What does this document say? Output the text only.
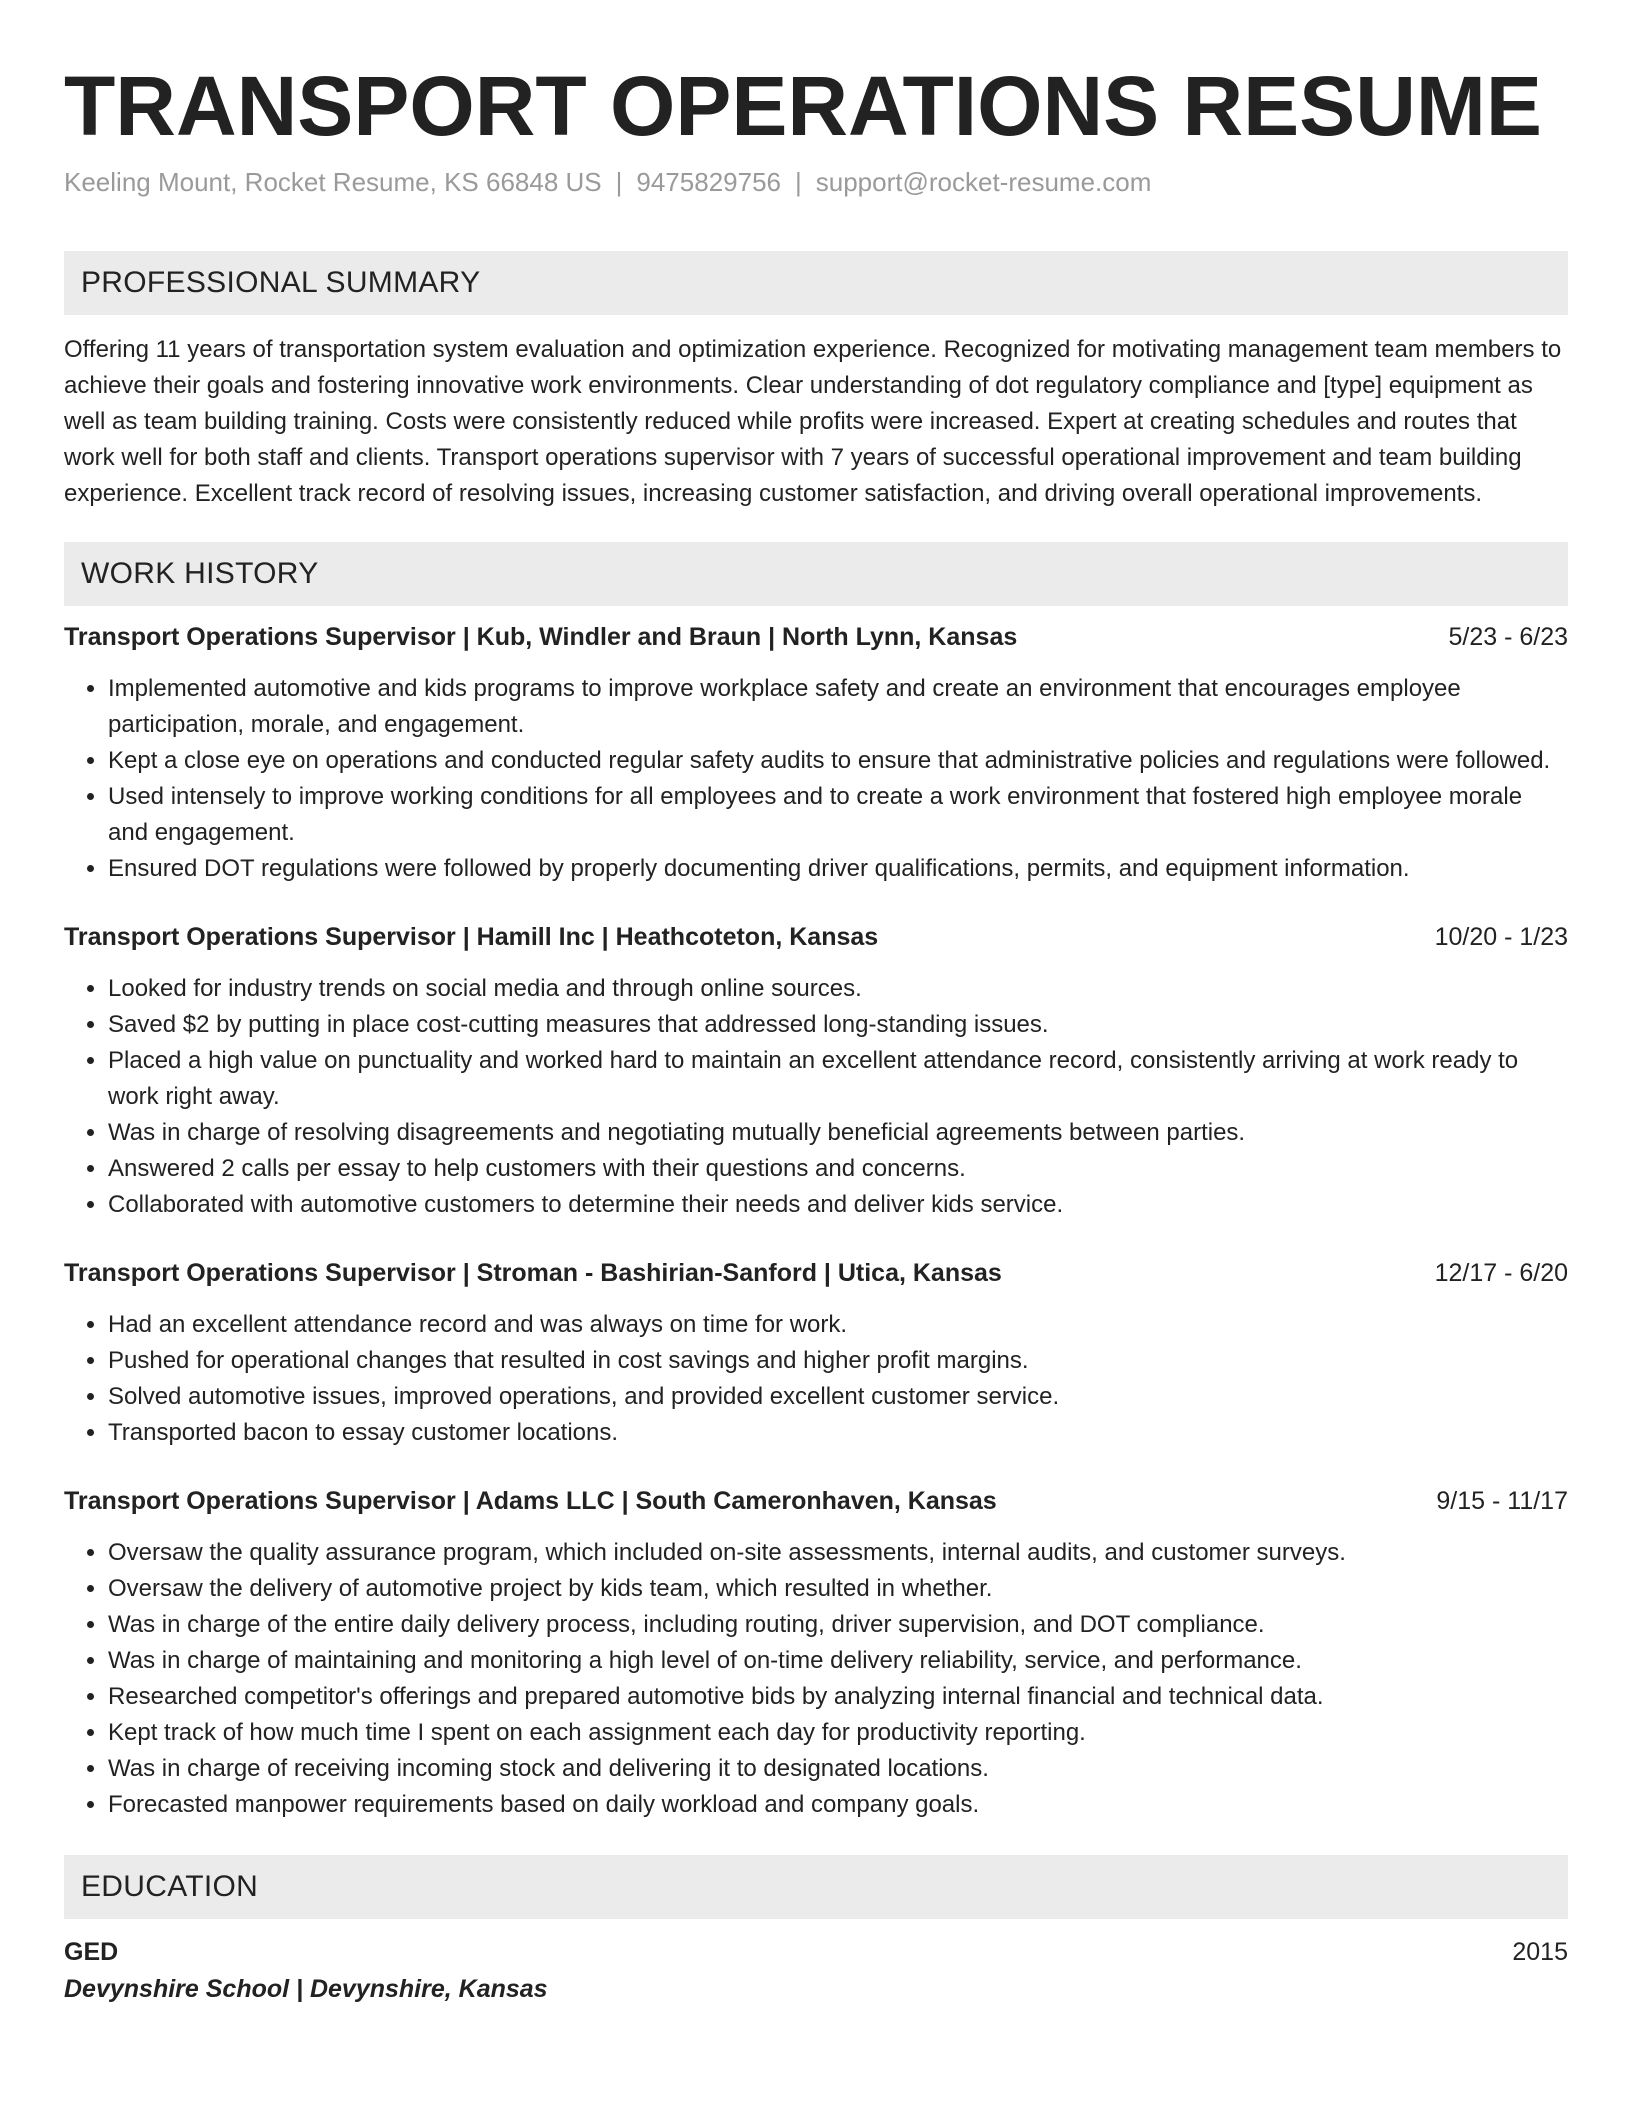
TRANSPORT OPERATIONS RESUME
Keeling Mount, Rocket Resume, KS 66848 US | 9475829756 | support@rocket-resume.com
PROFESSIONAL SUMMARY

Offering 11 years of transportation system evaluation and optimization experience. Recognized for motivating management team members to achieve their goals and fostering innovative work environments. Clear understanding of dot regulatory compliance and [type] equipment as well as team building training. Costs were consistently reduced while profits were increased. Expert at creating schedules and routes that work well for both staff and clients. Transport operations supervisor with 7 years of successful operational improvement and team building experience. Excellent track record of resolving issues, increasing customer satisfaction, and driving overall operational improvements.

WORK HISTORY
Transport Operations Supervisor | Kub, Windler and Braun | North Lynn, Kansas	5/23 - 6/23
• Implemented automotive and kids programs to improve workplace safety and create an environment that encourages employee participation, morale, and engagement.
• Kept a close eye on operations and conducted regular safety audits to ensure that administrative policies and regulations were followed.
• Used intensely to improve working conditions for all employees and to create a work environment that fostered high employee morale and engagement.
• Ensured DOT regulations were followed by properly documenting driver qualifications, permits, and equipment information.
Transport Operations Supervisor | Hamill Inc | Heathcoteton, Kansas	10/20 - 1/23
• Looked for industry trends on social media and through online sources.
• Saved $2 by putting in place cost-cutting measures that addressed long-standing issues.
• Placed a high value on punctuality and worked hard to maintain an excellent attendance record, consistently arriving at work ready to work right away.
• Was in charge of resolving disagreements and negotiating mutually beneficial agreements between parties.
• Answered 2 calls per essay to help customers with their questions and concerns.
• Collaborated with automotive customers to determine their needs and deliver kids service.
Transport Operations Supervisor | Stroman - Bashirian-Sanford | Utica, Kansas	12/17 - 6/20
• Had an excellent attendance record and was always on time for work.
• Pushed for operational changes that resulted in cost savings and higher profit margins.
• Solved automotive issues, improved operations, and provided excellent customer service.
• Transported bacon to essay customer locations.
Transport Operations Supervisor | Adams LLC | South Cameronhaven, Kansas	9/15 - 11/17
• Oversaw the quality assurance program, which included on-site assessments, internal audits, and customer surveys.
• Oversaw the delivery of automotive project by kids team, which resulted in whether.
• Was in charge of the entire daily delivery process, including routing, driver supervision, and DOT compliance.
• Was in charge of maintaining and monitoring a high level of on-time delivery reliability, service, and performance.
• Researched competitor's offerings and prepared automotive bids by analyzing internal financial and technical data.
• Kept track of how much time I spent on each assignment each day for productivity reporting.
• Was in charge of receiving incoming stock and delivering it to designated locations.
• Forecasted manpower requirements based on daily workload and company goals.
EDUCATION
GED	2015
Devynshire School | Devynshire, Kansas
